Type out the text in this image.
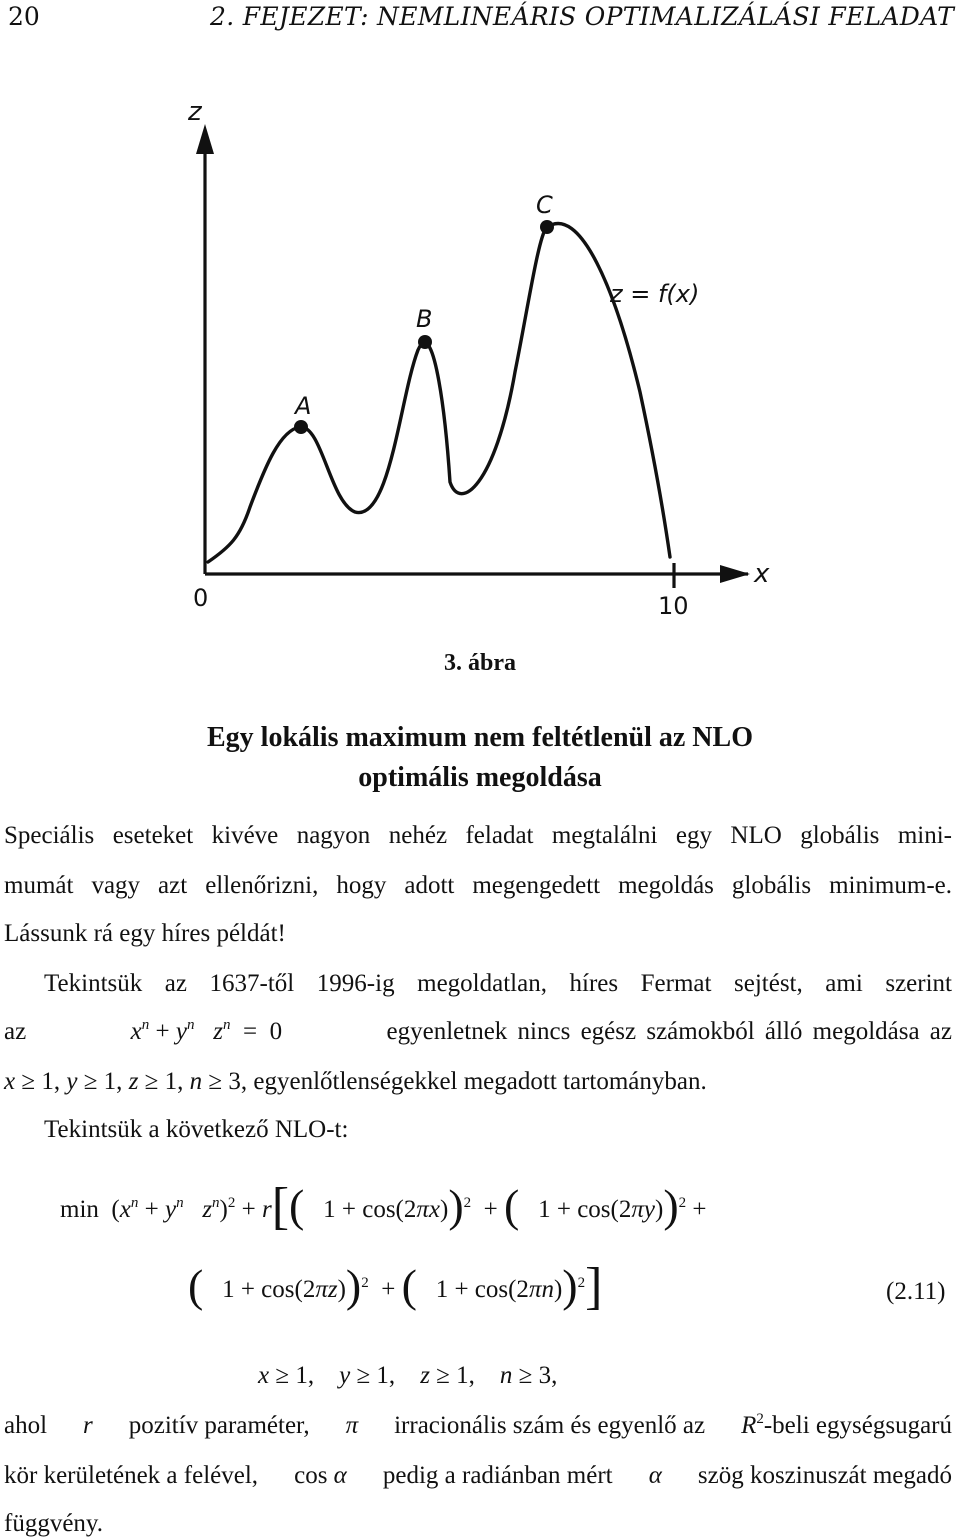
20	2. FEJEZET: NEMLINEÁRIS OPTIMALIZÁLÁSI FELADAT
z
x
A
B
C
z = f(x)
0	10
3. ábra
Egy lokális maximum nem feltétlenül az NLO
optimális megoldása
Speciális eseteket kivéve nagyon nehéz feladat megtalálni egy NLO globális mini-
mumát vagy azt ellenőrizni, hogy adott megengedett megoldás globális minimum-e.
Lássunk rá egy híres példát!
Tekintsük az 1637-től 1996-ig megoldatlan, híres Fermat sejtést, ami szerint
az	$x^n + y^n$ $z^n = 0$	egyenletnek nincs egész számokból álló megoldása az
x ≥ 1, y ≥ 1, z ≥ 1, n ≥ 3, egyenlőtlenségekkel megadott tartományban.
Tekintsük a következő NLO-t:
$\min (x^n + y^n$ $z^n)^2 + r$[(   1 + cos(2πx))$^2$  + (   1 + cos(2πy))$^2$ +
(   1 + cos(2πz))$^2$  + (   1 + cos(2πn))$^2$]	(2.11)
x ≥ 1,    y ≥ 1,    z ≥ 1,    n ≥ 3,
ahol r pozitív paraméter, π irracionális szám és egyenlő az $R^2$-beli egységsugarú
kör kerületének a felével, cos α pedig a radiánban mért α szög koszinuszát megadó
függvény.
